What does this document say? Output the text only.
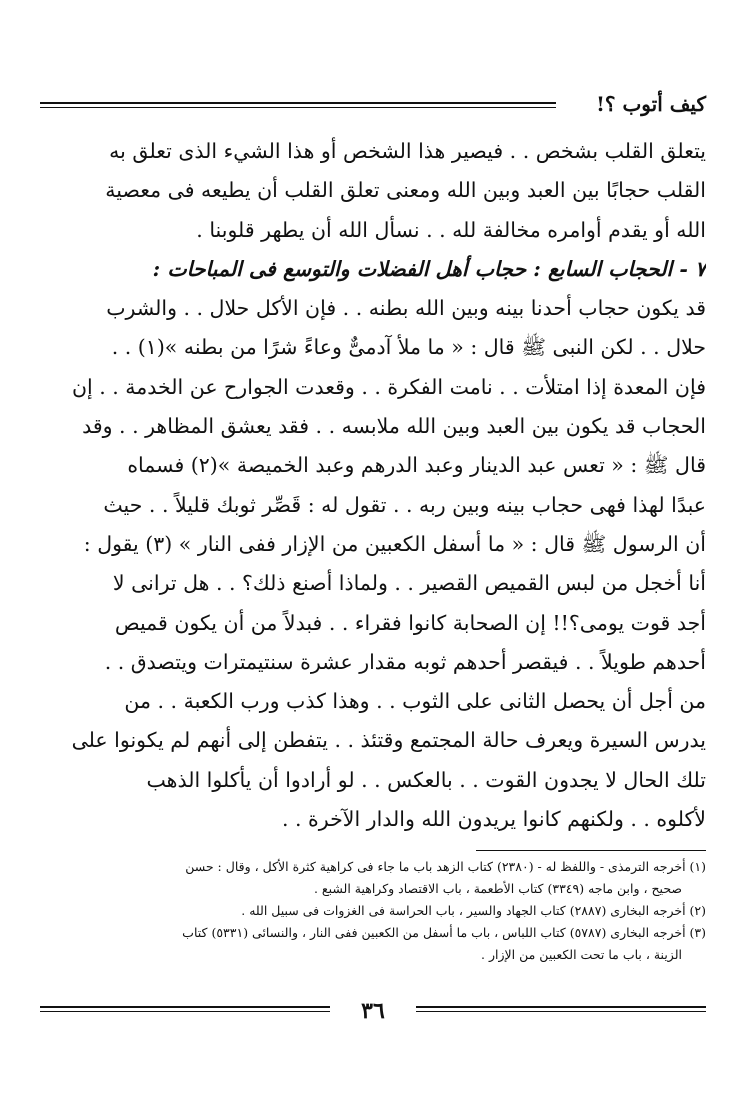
كيف أتوب ؟!
يتعلق القلب بشخص . . فيصير هذا الشخص أو هذا الشيء الذى تعلق به
القلب حجابًا بين العبد وبين الله ومعنى تعلق القلب أن يطيعه فى معصية
الله أو يقدم أوامره مخالفة لله . . نسأل الله أن يطهر قلوبنا .
٧ - الحجاب السابع : حجاب أهل الفضلات والتوسع فى المباحات :
قد يكون حجاب أحدنا بينه وبين الله بطنه . . فإن الأكل حلال . . والشرب
حلال . . لكن النبى ﷺ قال : « ما ملأ آدمىٌّ وعاءً شرًا من بطنه »(١) . .
فإن المعدة إذا امتلأت . . نامت الفكرة . . وقعدت الجوارح عن الخدمة . . إن
الحجاب قد يكون بين العبد وبين الله ملابسه . . فقد يعشق المظاهر . . وقد
قال ﷺ : « تعس عبد الدينار وعبد الدرهم وعبد الخميصة »(٢) فسماه
عبدًا لهذا فهى حجاب بينه وبين ربه . . تقول له : قَصِّر ثوبك قليلاً . . حيث
أن الرسول ﷺ قال : « ما أسفل الكعبين من الإزار ففى النار » (٣) يقول :
أنا أخجل من لبس القميص القصير . . ولماذا أصنع ذلك؟ . . هل ترانى لا
أجد قوت يومى؟!! إن الصحابة كانوا فقراء . . فبدلاً من أن يكون قميص
أحدهم طويلاً . . فيقصر أحدهم ثوبه مقدار عشرة سنتيمترات ويتصدق . .
من أجل أن يحصل الثانى على الثوب . . وهذا كذب ورب الكعبة . . من
يدرس السيرة ويعرف حالة المجتمع وقتئذ . . يتفطن إلى أنهم لم يكونوا على
تلك الحال لا يجدون القوت . . بالعكس . . لو أرادوا أن يأكلوا الذهب
لأكلوه . . ولكنهم كانوا يريدون الله والدار الآخرة . .
(١) أخرجه الترمذى - واللفظ له - (٢٣٨٠) كتاب الزهد باب ما جاء فى كراهية كثرة الأكل ، وقال : حسن
صحيح ، وابن ماجه (٣٣٤٩) كتاب الأطعمة ، باب الاقتصاد وكراهية الشبع .
(٢) أخرجه البخارى (٢٨٨٧) كتاب الجهاد والسير ، باب الحراسة فى الغزوات فى سبيل الله .
(٣) أخرجه البخارى (٥٧٨٧) كتاب اللباس ، باب ما أسفل من الكعبين ففى النار ، والنسائى (٥٣٣١) كتاب
الزينة ، باب ما تحت الكعبين من الإزار .
٣٦
